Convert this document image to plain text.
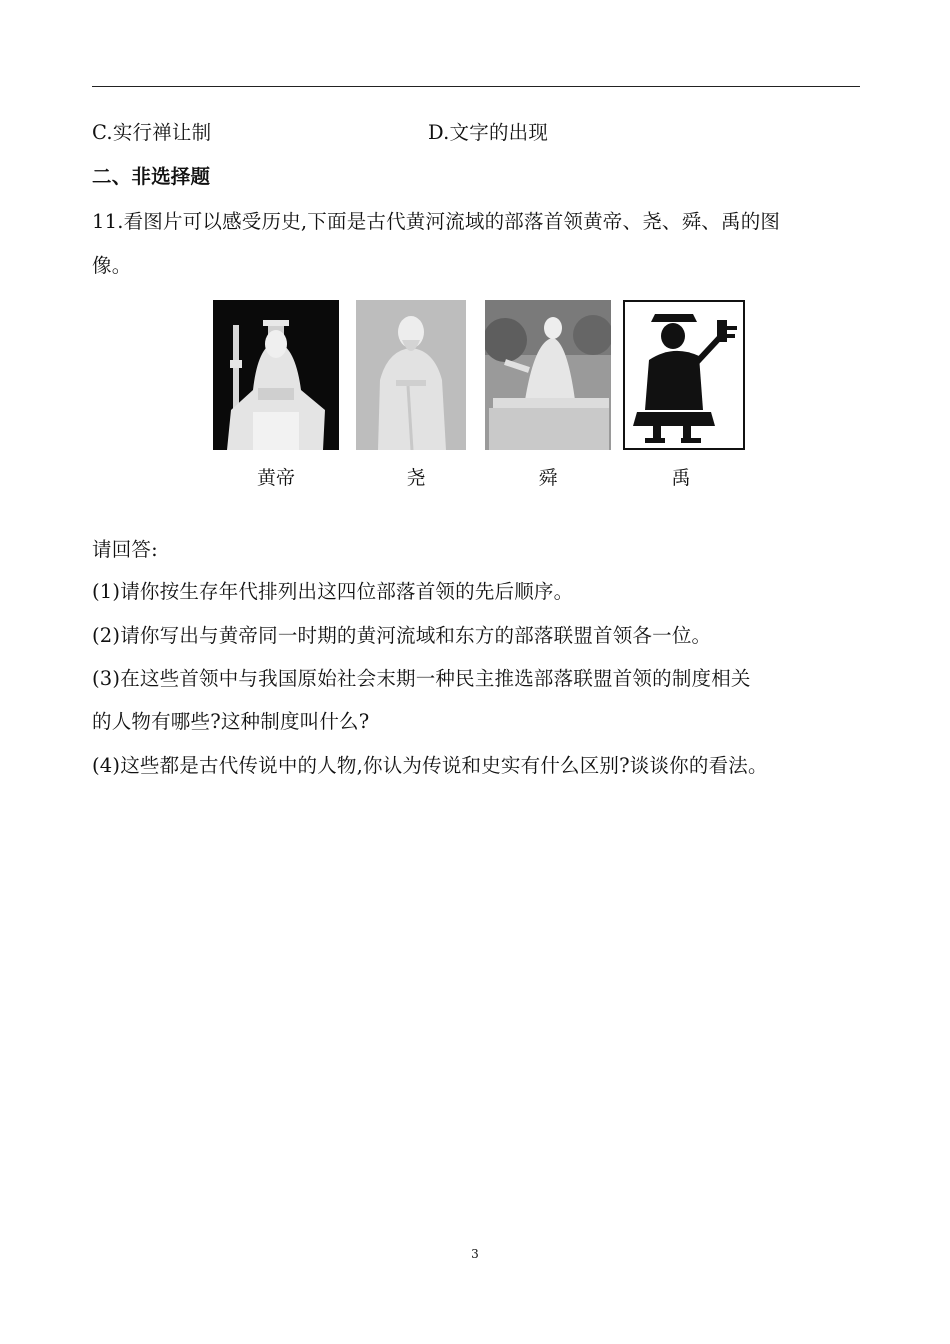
C.实行禅让制	D.文字的出现
二、非选择题
11.看图片可以感受历史,下面是古代黄河流域的部落首领黄帝、尧、舜、禹的图
像。
黄帝	尧	舜	禹
请回答:
(1)请你按生存年代排列出这四位部落首领的先后顺序。
(2)请你写出与黄帝同一时期的黄河流域和东方的部落联盟首领各一位。
(3)在这些首领中与我国原始社会末期一种民主推选部落联盟首领的制度相关
的人物有哪些?这种制度叫什么?
(4)这些都是古代传说中的人物,你认为传说和史实有什么区别?谈谈你的看法。
3
